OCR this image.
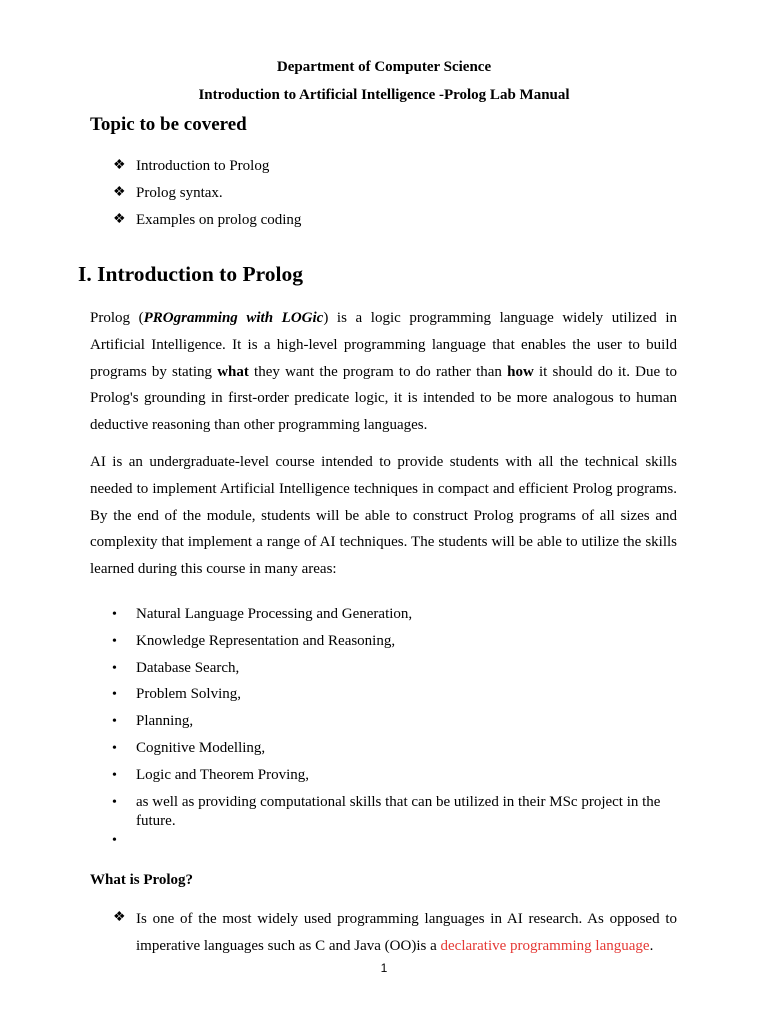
Department of Computer Science
Introduction to Artificial Intelligence -Prolog Lab Manual
Topic to be covered
❖ Introduction to Prolog
❖ Prolog syntax.
❖ Examples on prolog coding
I. Introduction to Prolog
Prolog (PROgramming with LOGic) is a logic programming language widely utilized in Artificial Intelligence. It is a high-level programming language that enables the user to build programs by stating what they want the program to do rather than how it should do it. Due to Prolog's grounding in first-order predicate logic, it is intended to be more analogous to human deductive reasoning than other programming languages.
AI is an undergraduate-level course intended to provide students with all the technical skills needed to implement Artificial Intelligence techniques in compact and efficient Prolog programs. By the end of the module, students will be able to construct Prolog programs of all sizes and complexity that implement a range of AI techniques. The students will be able to utilize the skills learned during this course in many areas:
• Natural Language Processing and Generation,
• Knowledge Representation and Reasoning,
• Database Search,
• Problem Solving,
• Planning,
• Cognitive Modelling,
• Logic and Theorem Proving,
• as well as providing computational skills that can be utilized in their MSc project in the future.
•
What is Prolog?
❖ Is one of the most widely used programming languages in AI research. As opposed to imperative languages such as C and Java (OO)is a declarative programming language.
1
